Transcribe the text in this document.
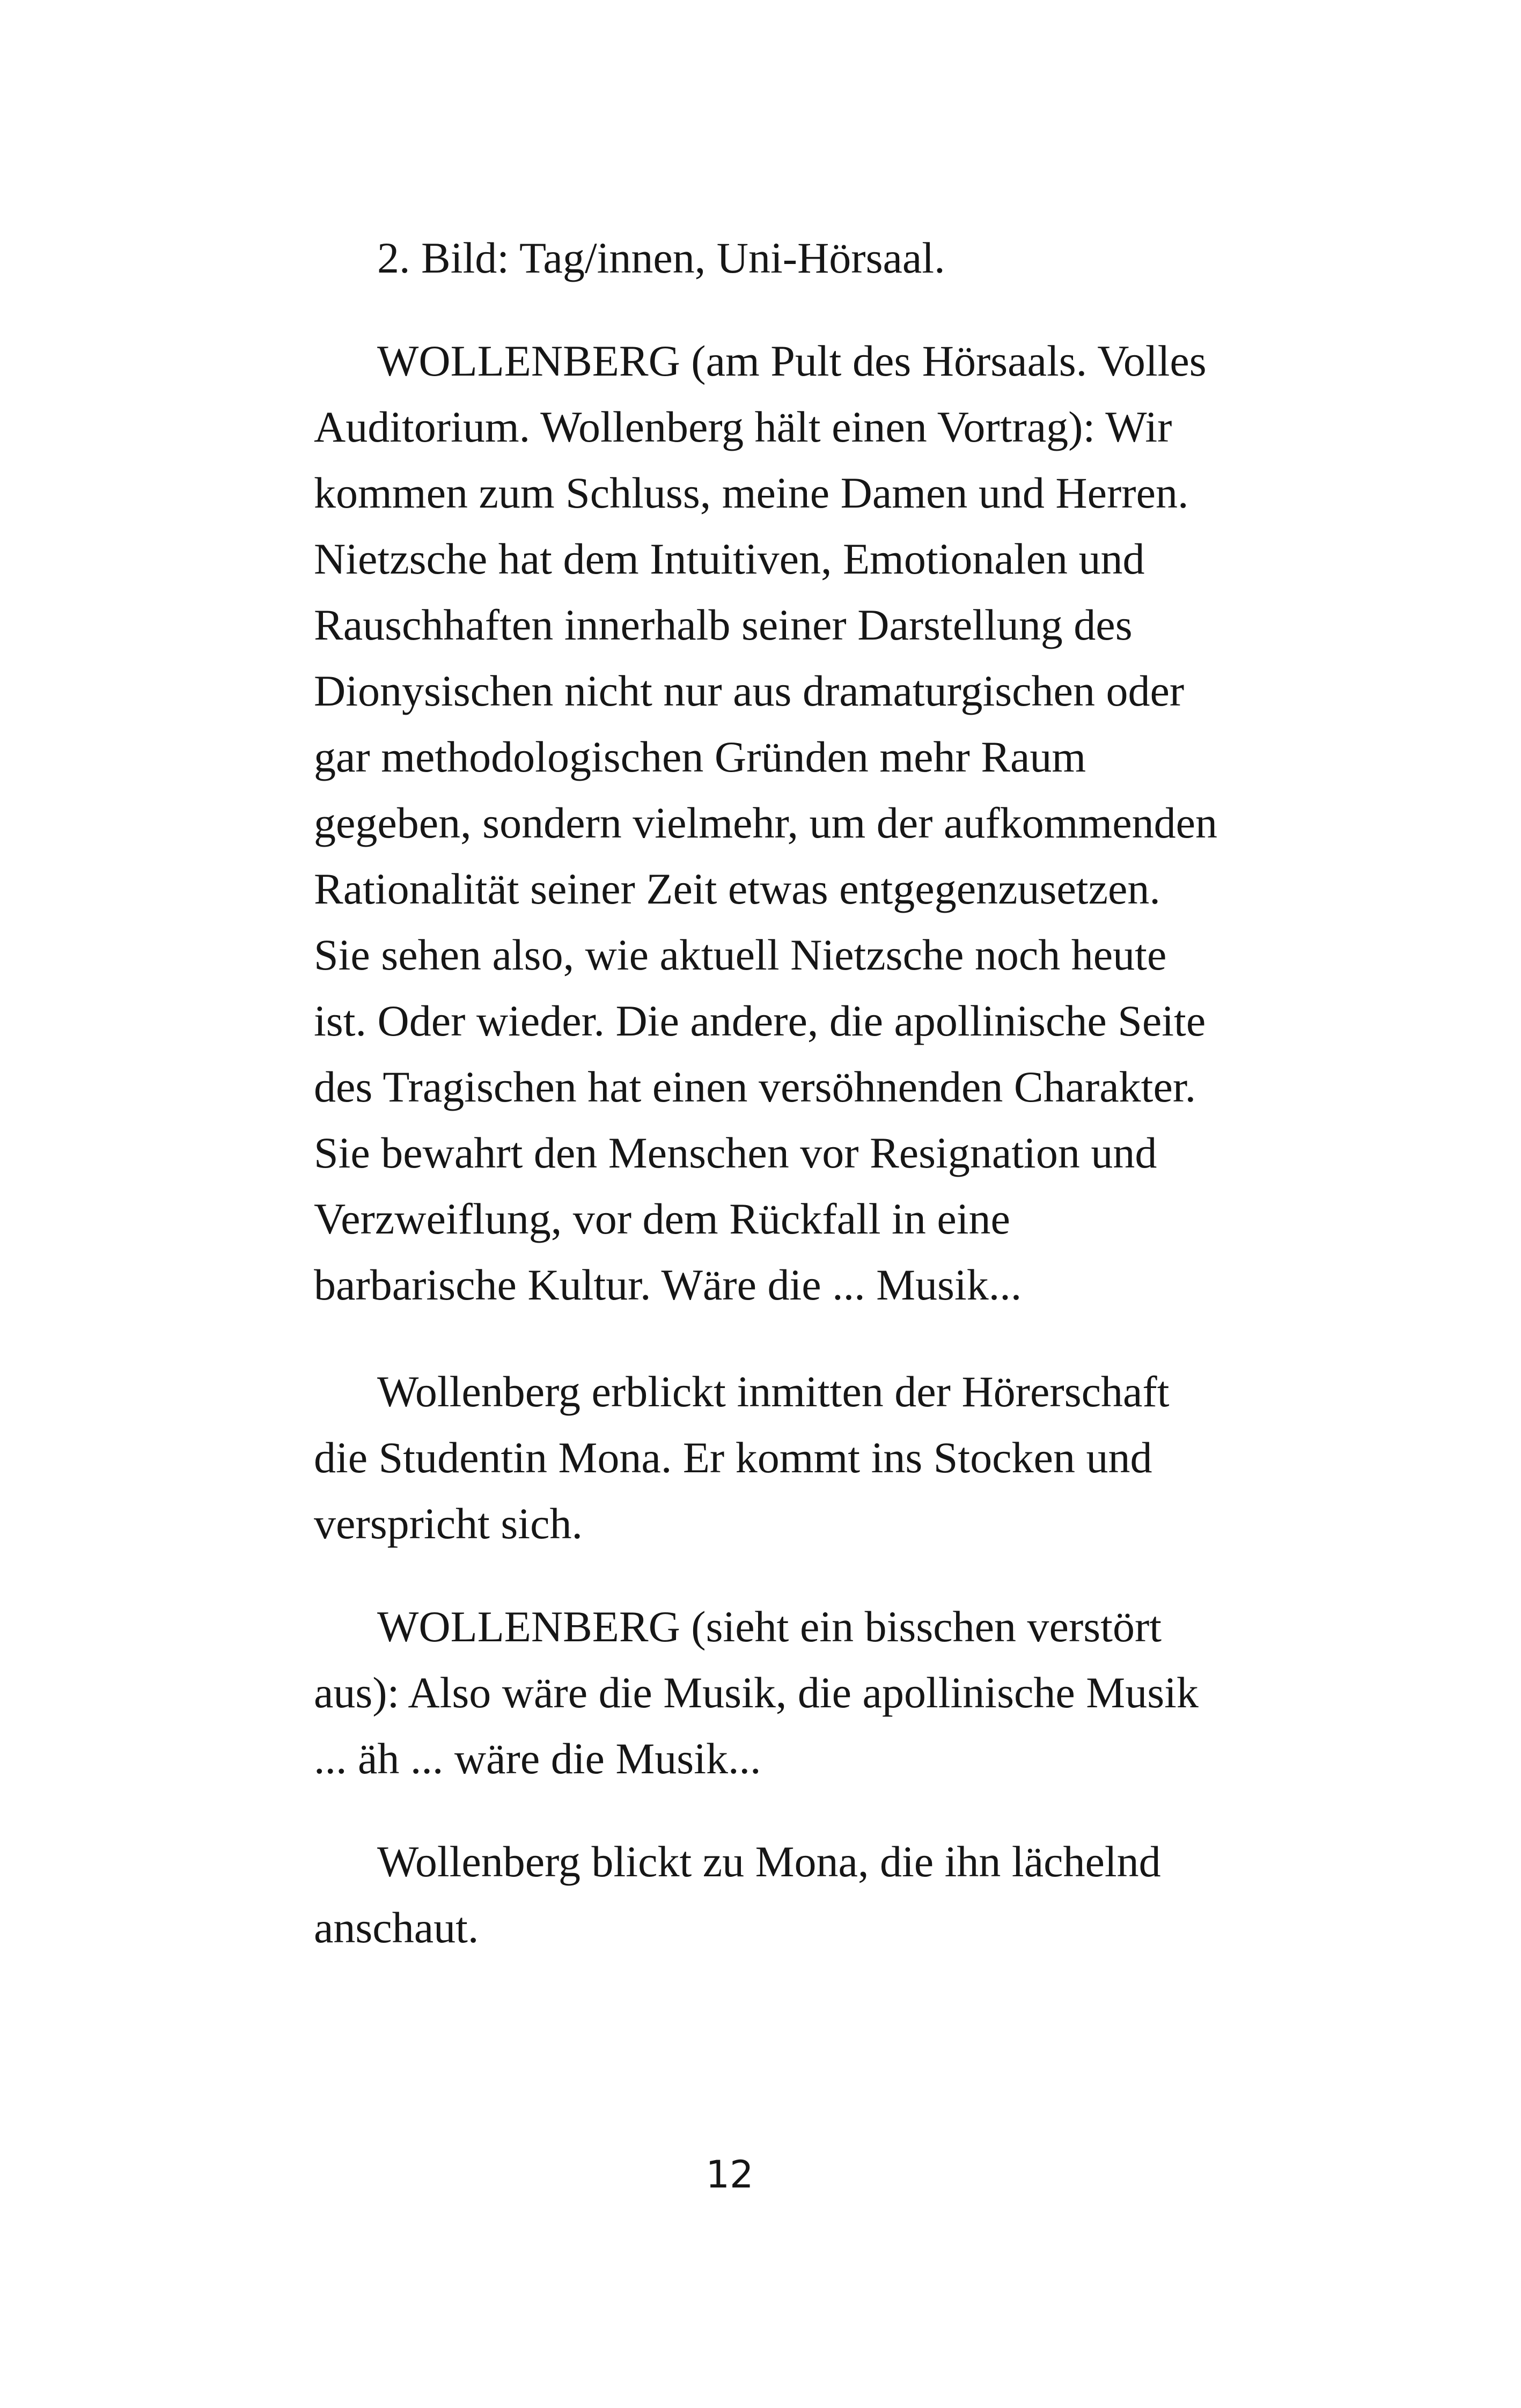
2. Bild: Tag/innen, Uni-Hörsaal.
WOLLENBERG (am Pult des Hörsaals. Volles
Auditorium. Wollenberg hält einen Vortrag): Wir
kommen zum Schluss, meine Damen und Herren.
Nietzsche hat dem Intuitiven, Emotionalen und
Rauschhaften innerhalb seiner Darstellung des
Dionysischen nicht nur aus dramaturgischen oder
gar methodologischen Gründen mehr Raum
gegeben, sondern vielmehr, um der aufkommenden
Rationalität seiner Zeit etwas entgegenzusetzen.
Sie sehen also, wie aktuell Nietzsche noch heute
ist. Oder wieder. Die andere, die apollinische Seite
des Tragischen hat einen versöhnenden Charakter.
Sie bewahrt den Menschen vor Resignation und
Verzweiflung, vor dem Rückfall in eine
barbarische Kultur. Wäre die ... Musik...
Wollenberg erblickt inmitten der Hörerschaft
die Studentin Mona. Er kommt ins Stocken und
verspricht sich.
WOLLENBERG (sieht ein bisschen verstört
aus): Also wäre die Musik, die apollinische Musik
... äh ... wäre die Musik...
Wollenberg blickt zu Mona, die ihn lächelnd
anschaut.
12
